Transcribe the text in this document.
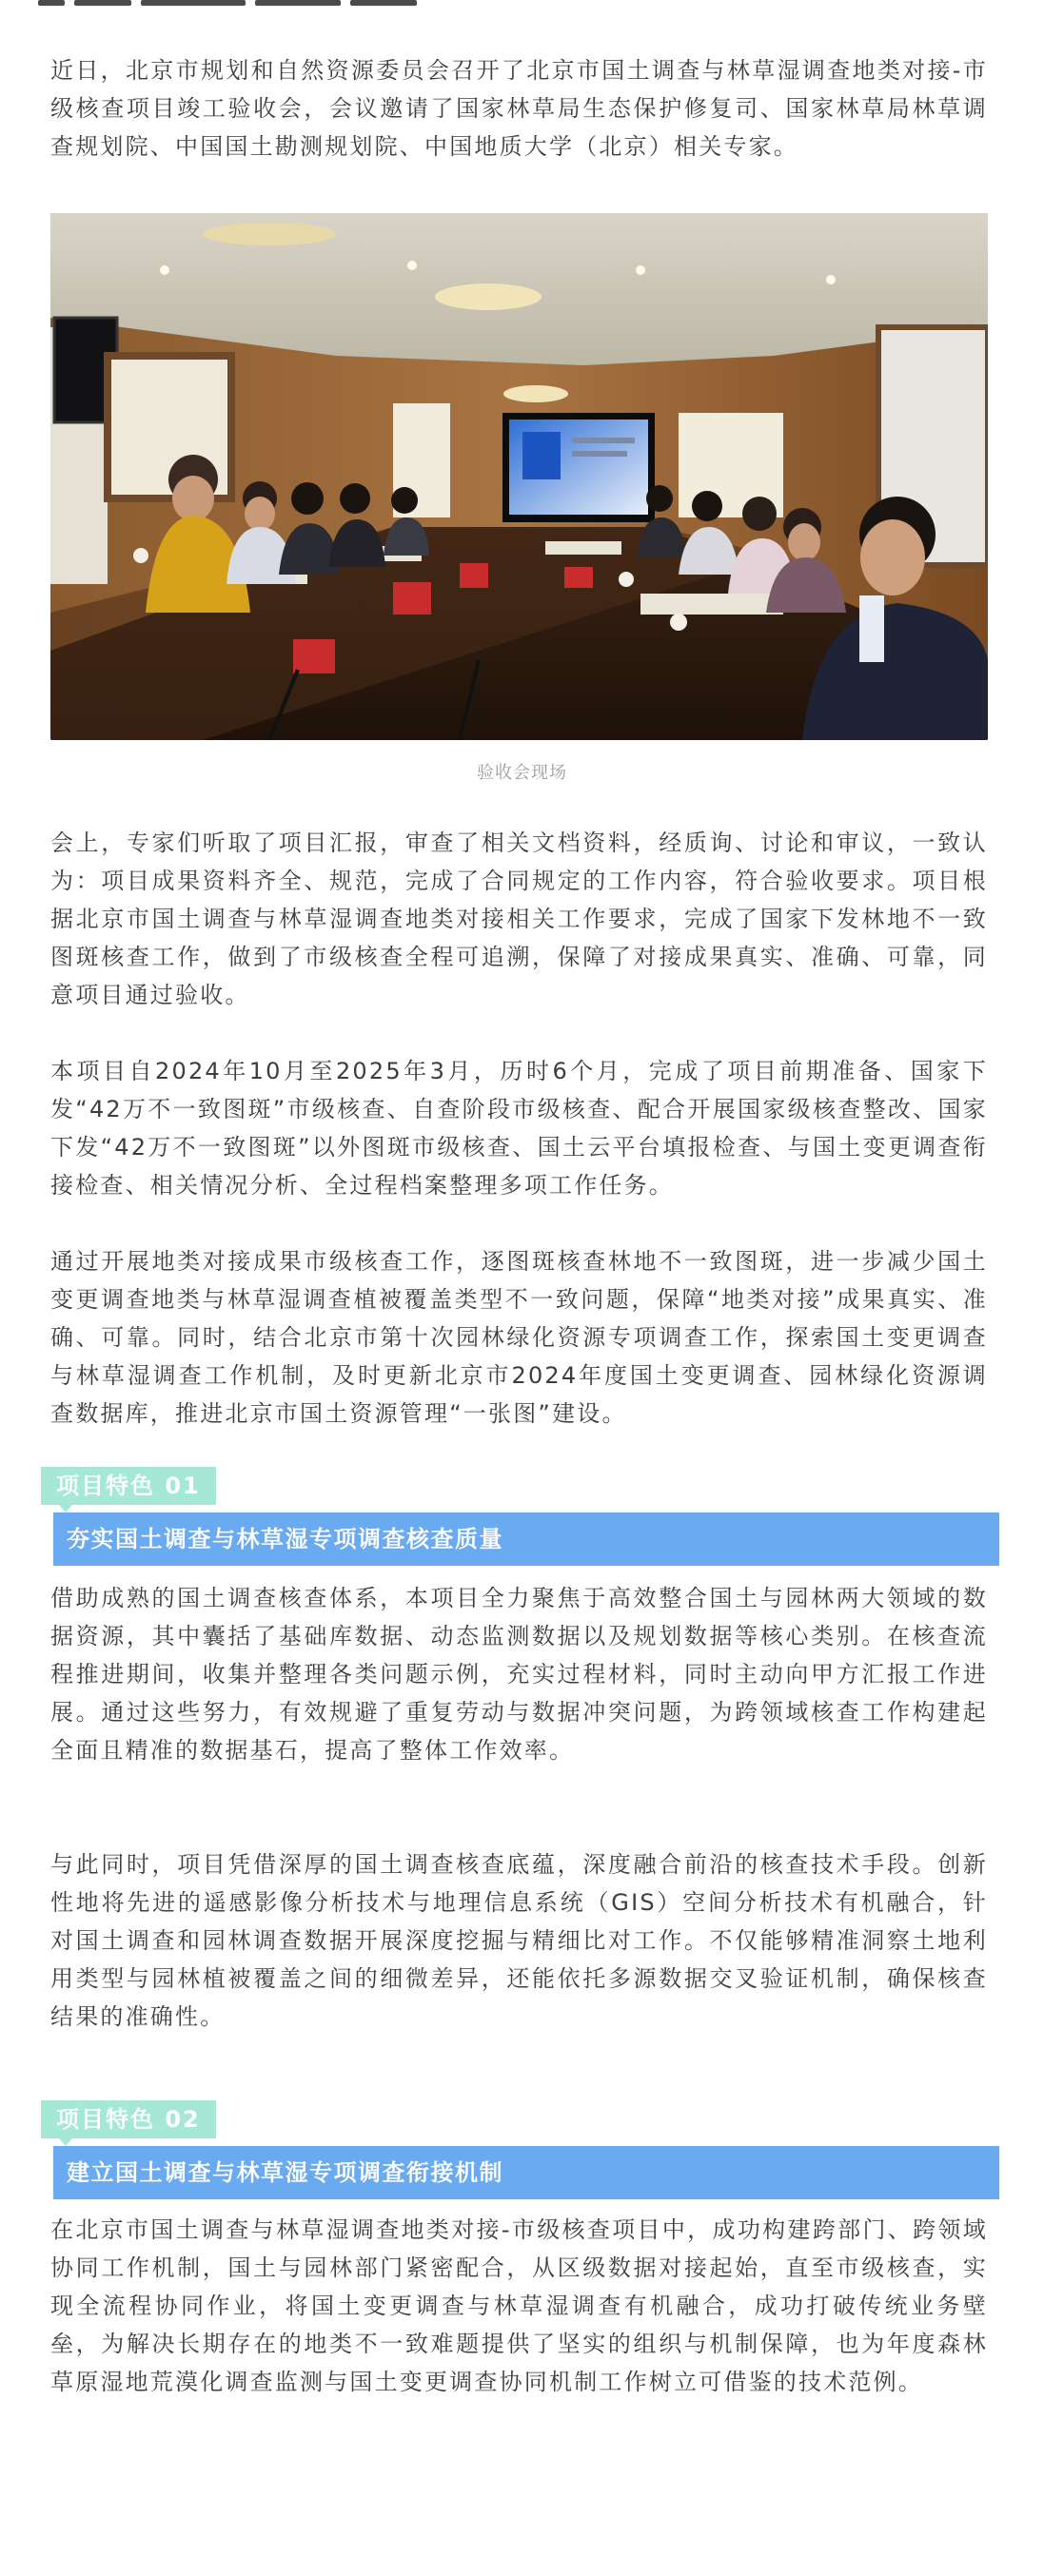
近日，北京市规划和自然资源委员会召开了北京市国土调查与林草湿调查地类对接-市级核查项目竣工验收会，会议邀请了国家林草局生态保护修复司、国家林草局林草调查规划院、中国国土勘测规划院、中国地质大学（北京）相关专家。

验收会现场

会上，专家们听取了项目汇报，审查了相关文档资料，经质询、讨论和审议，一致认为：项目成果资料齐全、规范，完成了合同规定的工作内容，符合验收要求。项目根据北京市国土调查与林草湿调查地类对接相关工作要求，完成了国家下发林地不一致图斑核查工作，做到了市级核查全程可追溯，保障了对接成果真实、准确、可靠，同意项目通过验收。

本项目自2024年10月至2025年3月，历时6个月，完成了项目前期准备、国家下发“42万不一致图斑”市级核查、自查阶段市级核查、配合开展国家级核查整改、国家下发“42万不一致图斑”以外图斑市级核查、国土云平台填报检查、与国土变更调查衔接检查、相关情况分析、全过程档案整理多项工作任务。

通过开展地类对接成果市级核查工作，逐图斑核查林地不一致图斑，进一步减少国土变更调查地类与林草湿调查植被覆盖类型不一致问题，保障“地类对接”成果真实、准确、可靠。同时，结合北京市第十次园林绿化资源专项调查工作，探索国土变更调查与林草湿调查工作机制，及时更新北京市2024年度国土变更调查、园林绿化资源调查数据库，推进北京市国土资源管理“一张图”建设。

项目特色 01
夯实国土调查与林草湿专项调查核查质量

借助成熟的国土调查核查体系，本项目全力聚焦于高效整合国土与园林两大领域的数据资源，其中囊括了基础库数据、动态监测数据以及规划数据等核心类别。在核查流程推进期间，收集并整理各类问题示例，充实过程材料，同时主动向甲方汇报工作进展。通过这些努力，有效规避了重复劳动与数据冲突问题，为跨领域核查工作构建起全面且精准的数据基石，提高了整体工作效率。

与此同时，项目凭借深厚的国土调查核查底蕴，深度融合前沿的核查技术手段。创新性地将先进的遥感影像分析技术与地理信息系统（GIS）空间分析技术有机融合，针对国土调查和园林调查数据开展深度挖掘与精细比对工作。不仅能够精准洞察土地利用类型与园林植被覆盖之间的细微差异，还能依托多源数据交叉验证机制，确保核查结果的准确性。

项目特色 02
建立国土调查与林草湿专项调查衔接机制

在北京市国土调查与林草湿调查地类对接-市级核查项目中，成功构建跨部门、跨领域协同工作机制，国土与园林部门紧密配合，从区级数据对接起始，直至市级核查，实现全流程协同作业，将国土变更调查与林草湿调查有机融合，成功打破传统业务壁垒，为解决长期存在的地类不一致难题提供了坚实的组织与机制保障，也为年度森林草原湿地荒漠化调查监测与国土变更调查协同机制工作树立可借鉴的技术范例。
